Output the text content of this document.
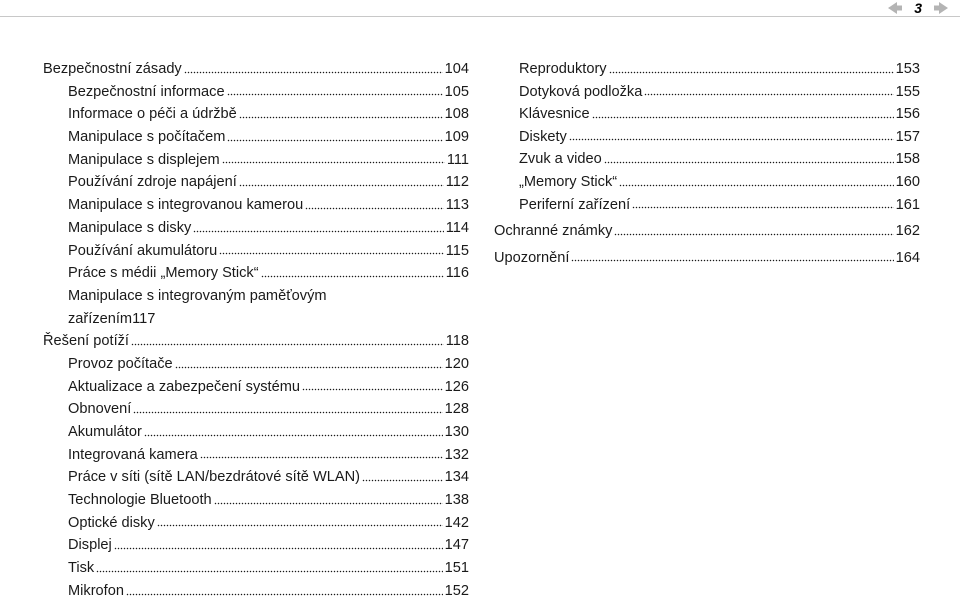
3
Bezpečnostní zásady	104
Bezpečnostní informace	105
Informace o péči a údržbě	108
Manipulace s počítačem	109
Manipulace s displejem	111
Používání zdroje napájení	112
Manipulace s integrovanou kamerou	113
Manipulace s disky	114
Používání akumulátoru	115
Práce s médii „Memory Stick“	116
Manipulace s integrovaným paměťovým
zařízením 117
Řešení potíží	118
Provoz počítače	120
Aktualizace a zabezpečení systému	126
Obnovení	128
Akumulátor	130
Integrovaná kamera	132
Práce v síti (sítě LAN/bezdrátové sítě WLAN)	134
Technologie Bluetooth	138
Optické disky	142
Displej	147
Tisk	151
Mikrofon	152
Reproduktory	153
Dotyková podložka	155
Klávesnice	156
Diskety	157
Zvuk a video	158
„Memory Stick“	160
Periferní zařízení	161
Ochranné známky	162
Upozornění	164
